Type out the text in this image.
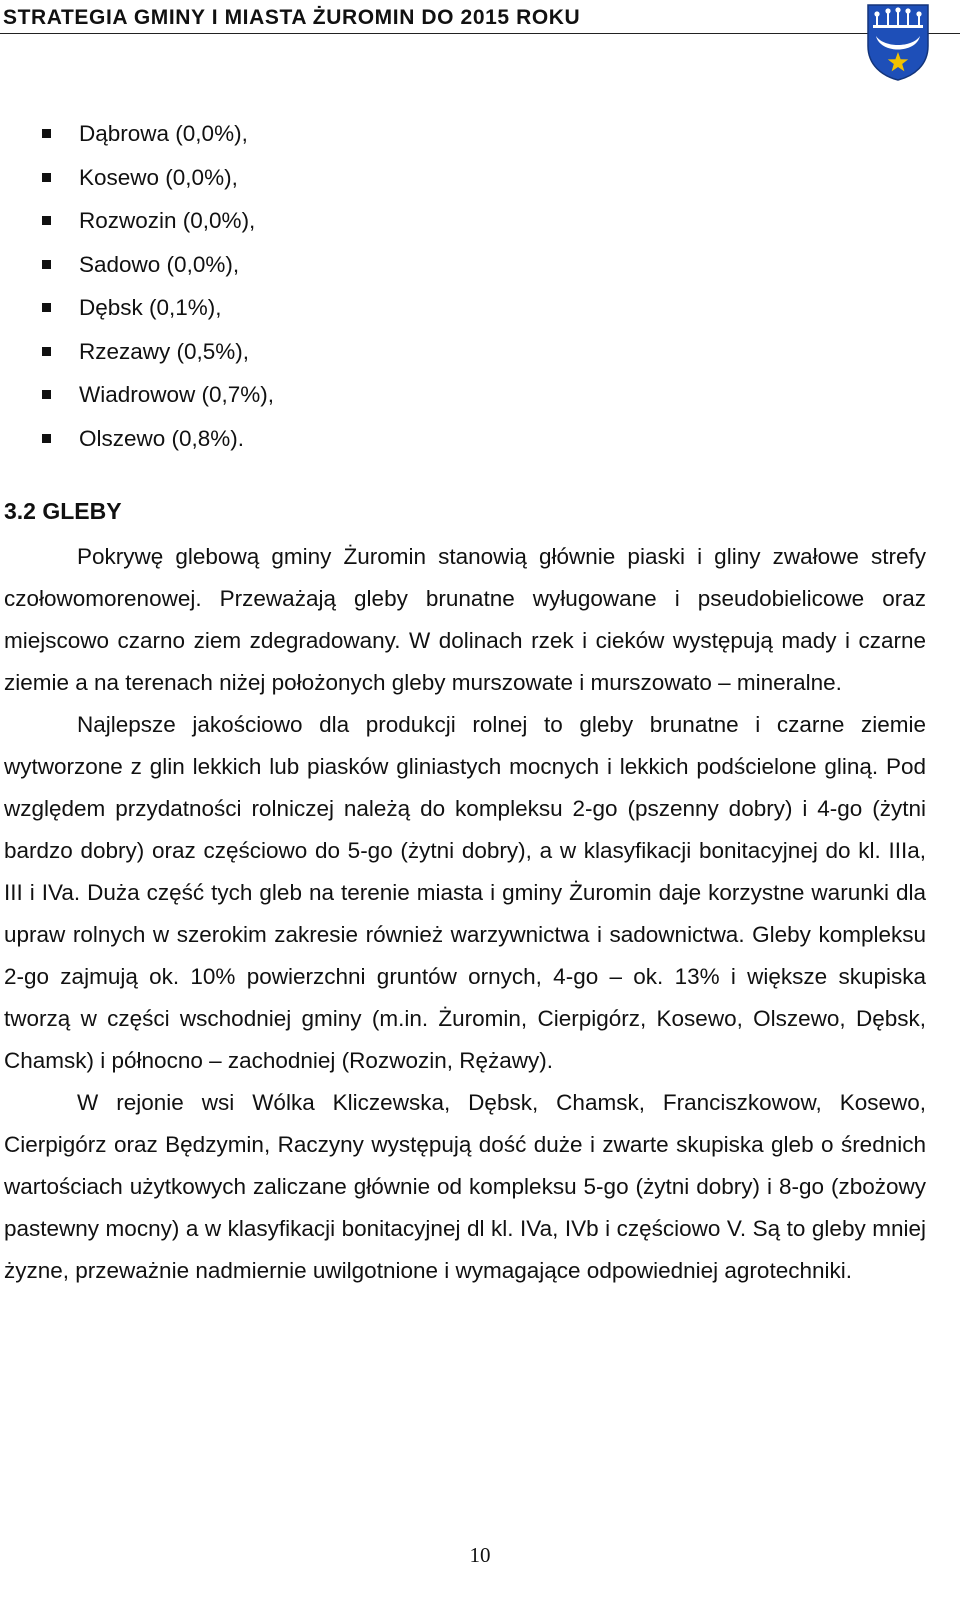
STRATEGIA GMINY I MIASTA ŻUROMIN DO 2015 ROKU
Dąbrowa (0,0%),
Kosewo (0,0%),
Rozwozin (0,0%),
Sadowo (0,0%),
Dębsk (0,1%),
Rzezawy (0,5%),
Wiadrowow (0,7%),
Olszewo (0,8%).
3.2 GLEBY

Pokrywę glebową gminy Żuromin stanowią głównie piaski i gliny zwałowe strefy czołowomorenowej. Przeważają gleby brunatne wyługowane i pseudobielicowe oraz miejscowo czarno ziem zdegradowany. W dolinach rzek i cieków występują mady i czarne ziemie a na terenach niżej położonych gleby murszowate i murszowato – mineralne.

Najlepsze jakościowo dla produkcji rolnej to gleby brunatne i czarne ziemie wytworzone z glin lekkich lub piasków gliniastych mocnych i lekkich podścielone gliną. Pod względem przydatności rolniczej należą do kompleksu 2-go (pszenny dobry) i 4-go (żytni bardzo dobry) oraz częściowo do 5-go (żytni dobry), a w klasyfikacji bonitacyjnej do kl. IIIa, III i IVa. Duża część tych gleb na terenie miasta i gminy Żuromin daje korzystne warunki dla upraw rolnych w szerokim zakresie również warzywnictwa i sadownictwa. Gleby kompleksu 2-go zajmują ok. 10% powierzchni gruntów ornych, 4-go – ok. 13% i większe skupiska tworzą w części wschodniej gminy (m.in. Żuromin, Cierpigórz, Kosewo, Olszewo, Dębsk, Chamsk) i północno – zachodniej (Rozwozin, Rężawy).

W rejonie wsi Wólka Kliczewska, Dębsk, Chamsk, Franciszkowow, Kosewo, Cierpigórz oraz Będzymin, Raczyny występują dość duże i zwarte skupiska gleb o średnich wartościach użytkowych zaliczane głównie od kompleksu 5-go (żytni dobry) i 8-go (zbożowy pastewny mocny) a w klasyfikacji bonitacyjnej dl kl. IVa, IVb i częściowo V. Są to gleby mniej żyzne, przeważnie nadmiernie uwilgotnione i wymagające odpowiedniej agrotechniki.

10
